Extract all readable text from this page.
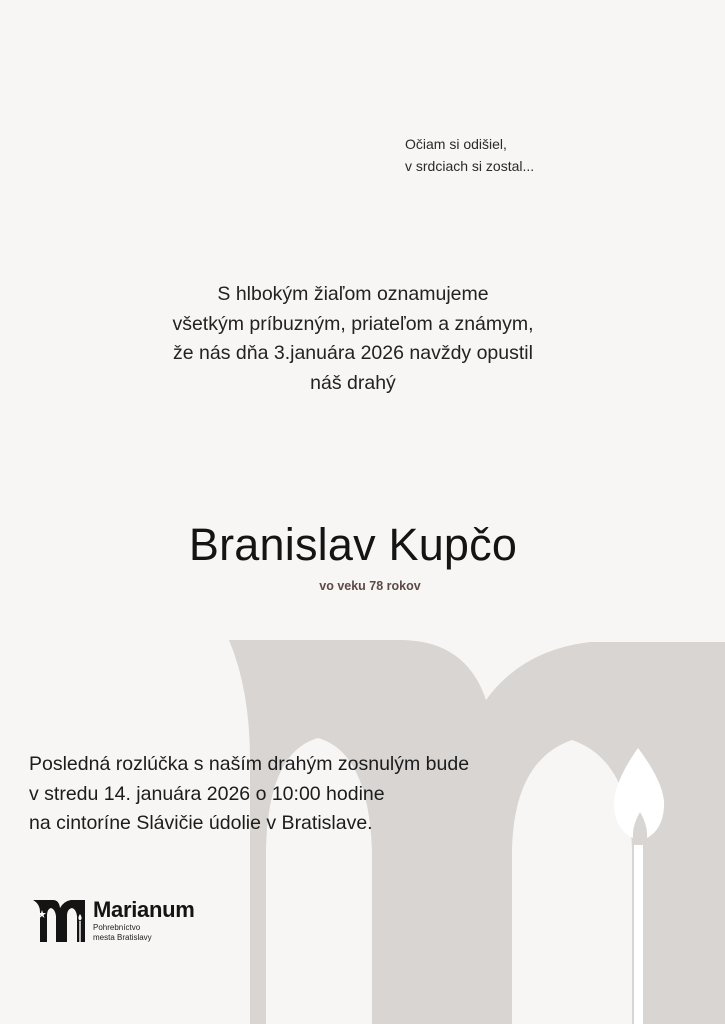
Očiam si odišiel,
v srdciach si zostal...
S hlbokým žiaľom oznamujeme
všetkým príbuzným, priateľom a známym,
že nás dňa 3.januára 2026 navždy opustil
náš drahý
Branislav Kupčo
vo veku 78 rokov
Posledná rozlúčka s naším drahým zosnulým bude
v stredu 14. januára 2026 o 10:00 hodine
na cintoríne Slávičie údolie v Bratislave.
Marianum
Pohrebníctvo
mesta Bratislavy
